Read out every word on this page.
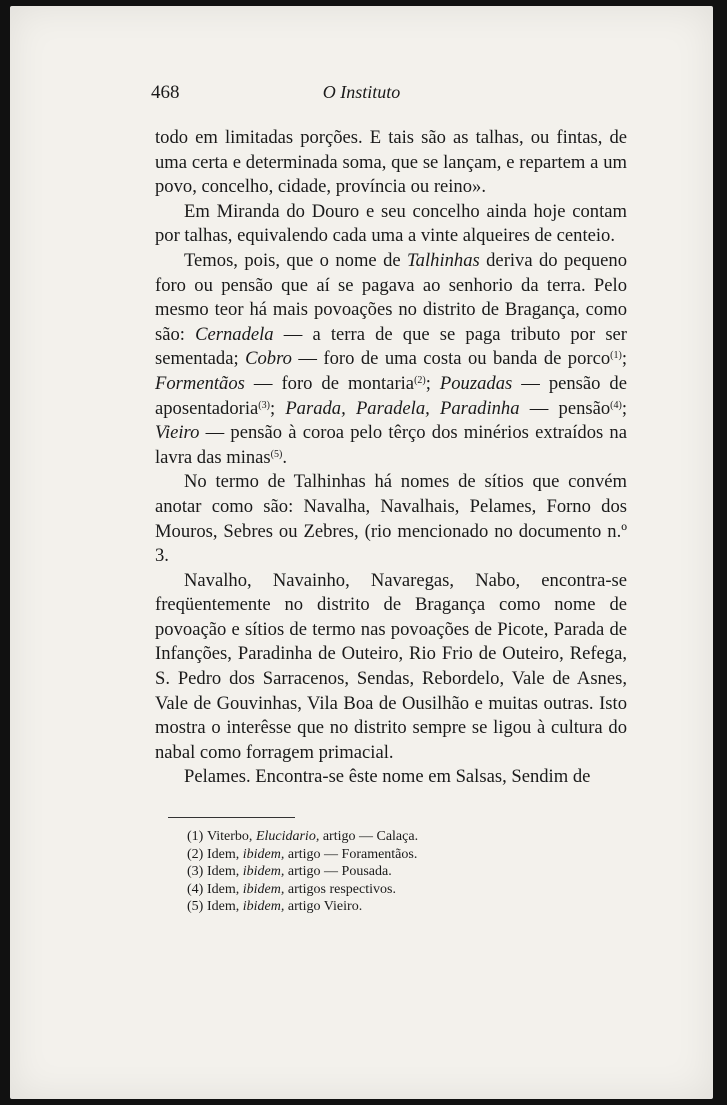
468	O Instituto

todo em limitadas porções. E tais são as talhas, ou fintas, de uma certa e determinada soma, que se lançam, e repartem a um povo, concelho, cidade, província ou reino».

Em Miranda do Douro e seu concelho ainda hoje contam por talhas, equivalendo cada uma a vinte alqueires de centeio.

Temos, pois, que o nome de Talhinhas deriva do pequeno foro ou pensão que aí se pagava ao senhorio da terra. Pelo mesmo teor há mais povoações no distrito de Bragança, como são: Cernadela — a terra de que se paga tributo por ser sementada; Cobro — foro de uma costa ou banda de porco$^{(1)}$; Formentãos — foro de montaria$^{(2)}$; Pouzadas — pensão de aposentadoria$^{(3)}$; Parada, Paradela, Paradinha — pensão$^{(4)}$; Vieiro — pensão à coroa pelo têrço dos minérios extraídos na lavra das minas$^{(5)}$.

No termo de Talhinhas há nomes de sítios que convém anotar como são: Navalha, Navalhais, Pelames, Forno dos Mouros, Sebres ou Zebres, (rio mencionado no documento n.º 3.

Navalho, Navainho, Navaregas, Nabo, encontra-se freqüentemente no distrito de Bragança como nome de povoação e sítios de termo nas povoações de Picote, Parada de Infanções, Paradinha de Outeiro, Rio Frio de Outeiro, Refega, S. Pedro dos Sarracenos, Sendas, Rebordelo, Vale de Asnes, Vale de Gouvinhas, Vila Boa de Ousilhão e muitas outras. Isto mostra o interêsse que no distrito sempre se ligou à cultura do nabal como forragem primacial.

Pelames. Encontra-se êste nome em Salsas, Sendim de

(1) Viterbo, Elucidario, artigo — Calaça.
(2) Idem, ibidem, artigo — Foramentãos.
(3) Idem, ibidem, artigo — Pousada.
(4) Idem, ibidem, artigos respectivos.
(5) Idem, ibidem, artigo Vieiro.
